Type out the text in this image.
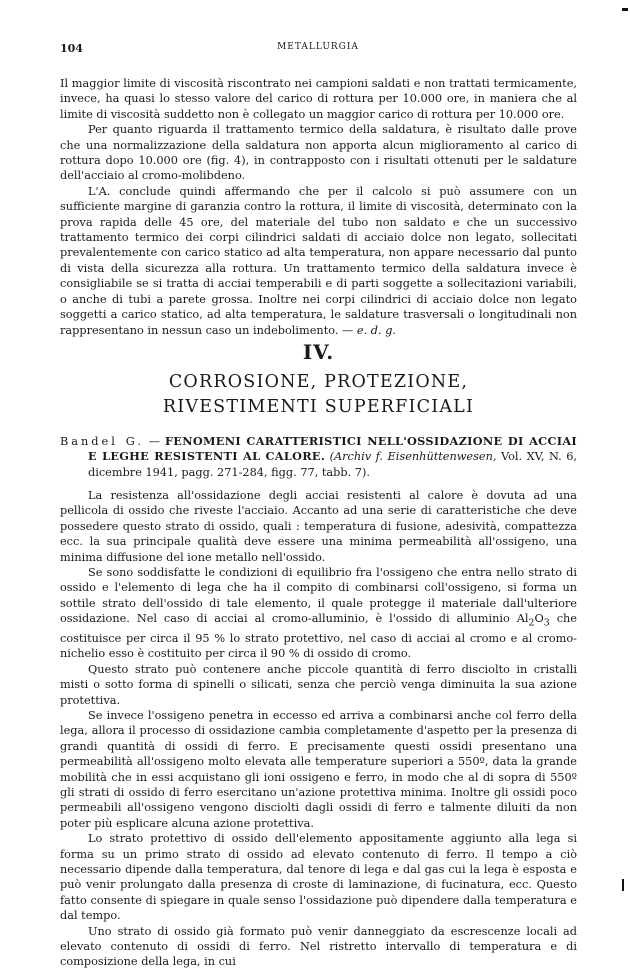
104	METALLURGIA

Il maggior limite di viscosità riscontrato nei campioni saldati e non trattati termicamente, invece, ha quasi lo stesso valore del carico di rottura per 10.000 ore, in maniera che al limite di viscosità suddetto non è collegato un maggior carico di rottura per 10.000 ore.

Per quanto riguarda il trattamento termico della saldatura, è risultato dalle prove che una normalizzazione della saldatura non apporta alcun miglioramento al carico di rottura dopo 10.000 ore (fig. 4), in contrapposto con i risultati ottenuti per le saldature dell'acciaio al cromo-molibdeno.

L'A. conclude quindi affermando che per il calcolo si può assumere con un sufficiente margine di garanzia contro la rottura, il limite di viscosità, determinato con la prova rapida delle 45 ore, del materiale del tubo non saldato e che un successivo trattamento termico dei corpi cilindrici saldati di acciaio dolce non legato, sollecitati prevalentemente con carico statico ad alta temperatura, non appare necessario dal punto di vista della sicurezza alla rottura. Un trattamento termico della saldatura invece è consigliabile se si tratta di acciai temperabili e di parti soggette a sollecitazioni variabili, o anche di tubi a parete grossa. Inoltre nei corpi cilindrici di acciaio dolce non legato soggetti a carico statico, ad alta temperatura, le saldature trasversali o longitudinali non rappresentano in nessun caso un indebolimento. — e. d. g.

IV.
CORROSIONE, PROTEZIONE,
RIVESTIMENTI SUPERFICIALI

Bandel G. — FENOMENI CARATTERISTICI NELL'OSSIDAZIONE DI ACCIAI E LEGHE RESISTENTI AL CALORE. (Archiv f. Eisenhüttenwesen, Vol. XV, N. 6, dicembre 1941, pagg. 271-284, figg. 77, tabb. 7).

La resistenza all'ossidazione degli acciai resistenti al calore è dovuta ad una pellicola di ossido che riveste l'acciaio. Accanto ad una serie di caratteristiche che deve possedere questo strato di ossido, quali : temperatura di fusione, adesività, compattezza ecc. la sua principale qualità deve essere una minima permeabilità all'ossigeno, una minima diffusione del ione metallo nell'ossido.

Se sono soddisfatte le condizioni di equilibrio fra l'ossigeno che entra nello strato di ossido e l'elemento di lega che ha il compito di combinarsi coll'ossigeno, si forma un sottile strato dell'ossido di tale elemento, il quale protegge il materiale dall'ulteriore ossidazione. Nel caso di acciai al cromo-alluminio, è l'ossido di alluminio $Al_2O_3$ che costituisce per circa il 95 % lo strato protettivo, nel caso di acciai al cromo e al cromo-nichelio esso è costituito per circa il 90 % di ossido di cromo.

Questo strato può contenere anche piccole quantità di ferro disciolto in cristalli misti o sotto forma di spinelli o silicati, senza che perciò venga diminuita la sua azione protettiva.

Se invece l'ossigeno penetra in eccesso ed arriva a combinarsi anche col ferro della lega, allora il processo di ossidazione cambia completamente d'aspetto per la presenza di grandi quantità di ossidi di ferro. E precisamente questi ossidi presentano una permeabilità all'ossigeno molto elevata alle temperature superiori a 550º, data la grande mobilità che in essi acquistano gli ioni ossigeno e ferro, in modo che al di sopra di 550º gli strati di ossido di ferro esercitano un'azione protettiva minima. Inoltre gli ossidi poco permeabili all'ossigeno vengono disciolti dagli ossidi di ferro e talmente diluiti da non poter più esplicare alcuna azione protettiva.

Lo strato protettivo di ossido dell'elemento appositamente aggiunto alla lega si forma su un primo strato di ossido ad elevato contenuto di ferro. Il tempo a ciò necessario dipende dalla temperatura, dal tenore di lega e dal gas cui la lega è esposta e può venir prolungato dalla presenza di croste di laminazione, di fucinatura, ecc. Questo fatto consente di spiegare in quale senso l'ossidazione può dipendere dalla temperatura e dal tempo.

Uno strato di ossido già formato può venir danneggiato da escrescenze locali ad elevato contenuto di ossidi di ferro. Nel ristretto intervallo di temperatura e di composizione della lega, in cui
